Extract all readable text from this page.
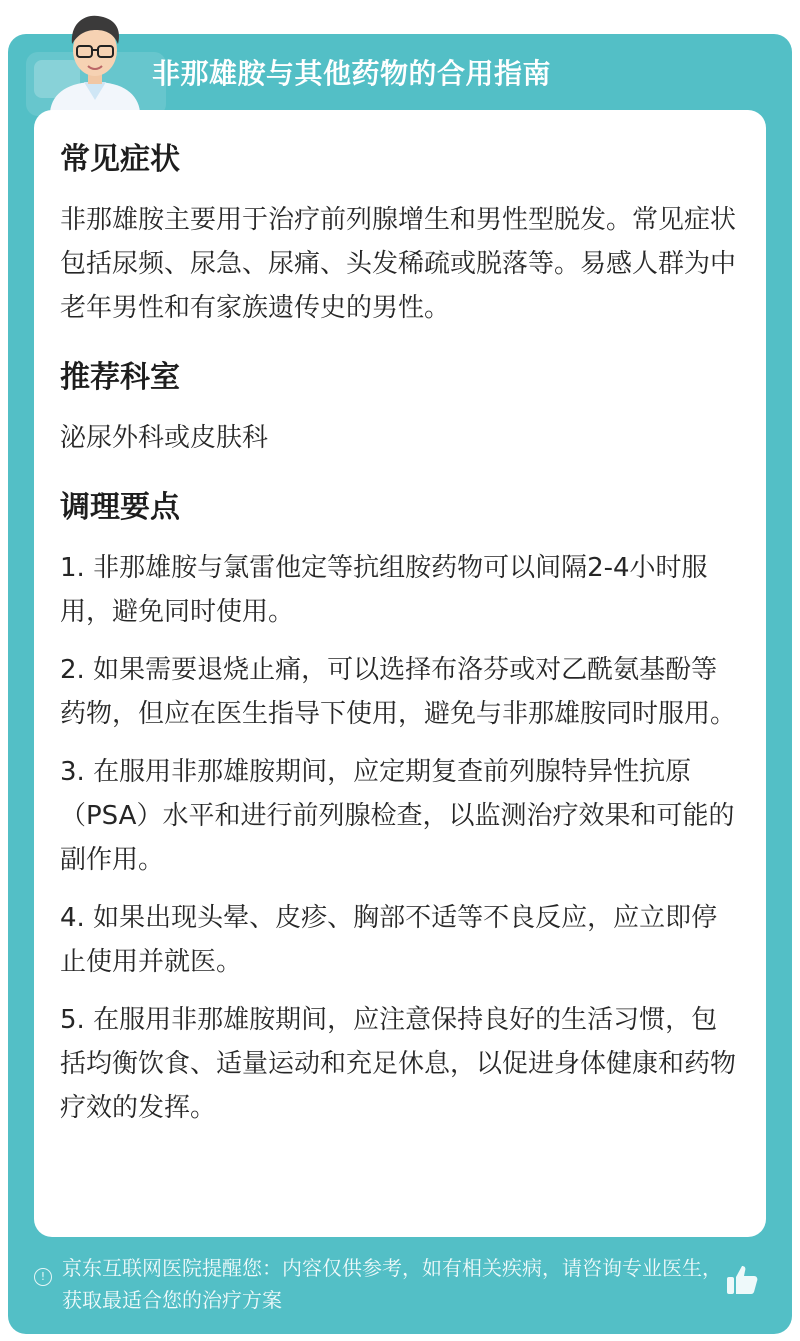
非那雄胺与其他药物的合用指南
常见症状

非那雄胺主要用于治疗前列腺增生和男性型脱发。常见症状包括尿频、尿急、尿痛、头发稀疏或脱落等。易感人群为中老年男性和有家族遗传史的男性。

推荐科室

泌尿外科或皮肤科

调理要点

1. 非那雄胺与氯雷他定等抗组胺药物可以间隔2-4小时服用，避免同时使用。

2. 如果需要退烧止痛，可以选择布洛芬或对乙酰氨基酚等药物，但应在医生指导下使用，避免与非那雄胺同时服用。

3. 在服用非那雄胺期间，应定期复查前列腺特异性抗原（PSA）水平和进行前列腺检查，以监测治疗效果和可能的副作用。

4. 如果出现头晕、皮疹、胸部不适等不良反应，应立即停止使用并就医。

5. 在服用非那雄胺期间，应注意保持良好的生活习惯，包括均衡饮食、适量运动和充足休息，以促进身体健康和药物疗效的发挥。

! 京东互联网医院提醒您：内容仅供参考，如有相关疾病，请咨询专业医生，获取最适合您的治疗方案
